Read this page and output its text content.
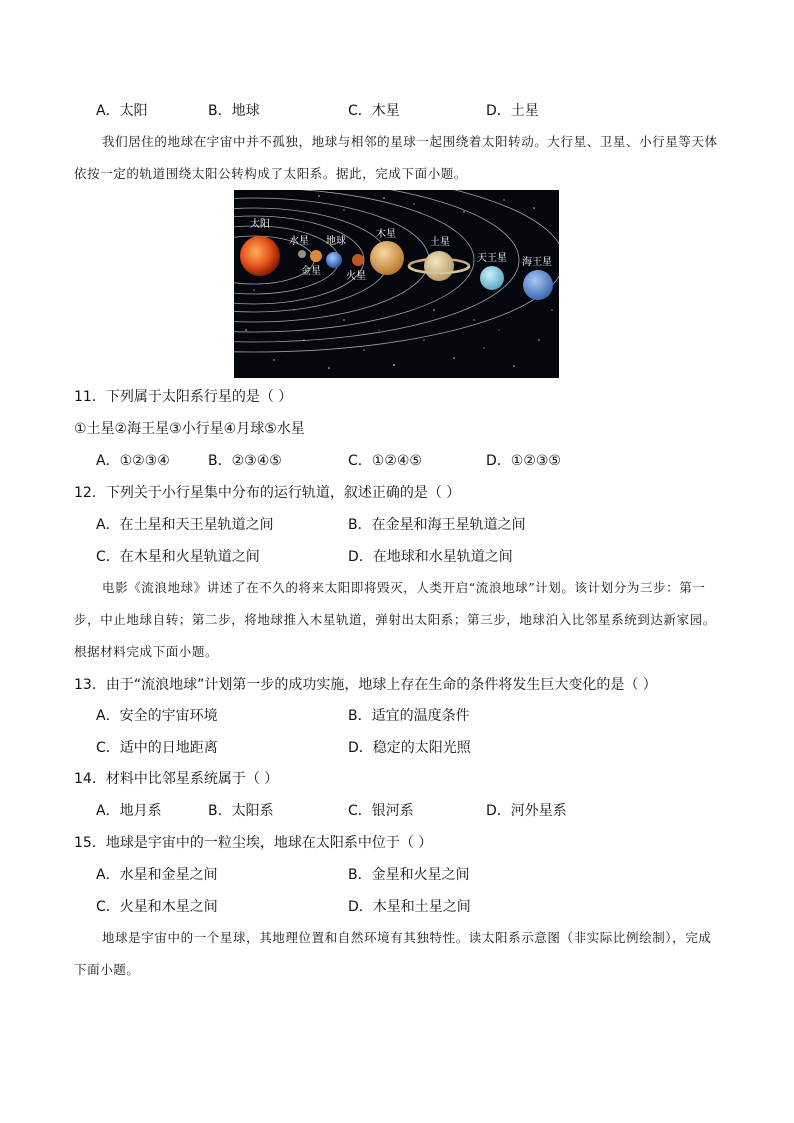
A．太阳	B．地球	C．木星	D．土星
我们居住的地球在宇宙中并不孤独，地球与相邻的星球一起围绕着太阳转动。大行星、卫星、小行星等天体依按一定的轨道围绕太阳公转构成了太阳系。据此，完成下面小题。
太阳
水星
金星
地球
火星
木星
土星
天王星 海王星
11．下列属于太阳系行星的是（ ）
①土星②海王星③小行星④月球⑤水星
A．①②③④	B．②③④⑤	C．①②④⑤	D．①②③⑤
12．下列关于小行星集中分布的运行轨道，叙述正确的是（ ）
A．在土星和天王星轨道之间	B．在金星和海王星轨道之间
C．在木星和火星轨道之间	D．在地球和水星轨道之间
电影《流浪地球》讲述了在不久的将来太阳即将毁灭，人类开启“流浪地球”计划。该计划分为三步：第一步，中止地球自转；第二步，将地球推入木星轨道，弹射出太阳系；第三步，地球泊入比邻星系统到达新家园。根据材料完成下面小题。
13．由于“流浪地球”计划第一步的成功实施，地球上存在生命的条件将发生巨大变化的是（ ）
A．安全的宇宙环境	B．适宜的温度条件
C．适中的日地距离	D．稳定的太阳光照
14．材料中比邻星系统属于（ ）
A．地月系	B．太阳系	C．银河系	D．河外星系
15．地球是宇宙中的一粒尘埃，地球在太阳系中位于（ ）
A．水星和金星之间	B．金星和火星之间
C．火星和木星之间	D．木星和土星之间
地球是宇宙中的一个星球，其地理位置和自然环境有其独特性。读太阳系示意图（非实际比例绘制），完成下面小题。
